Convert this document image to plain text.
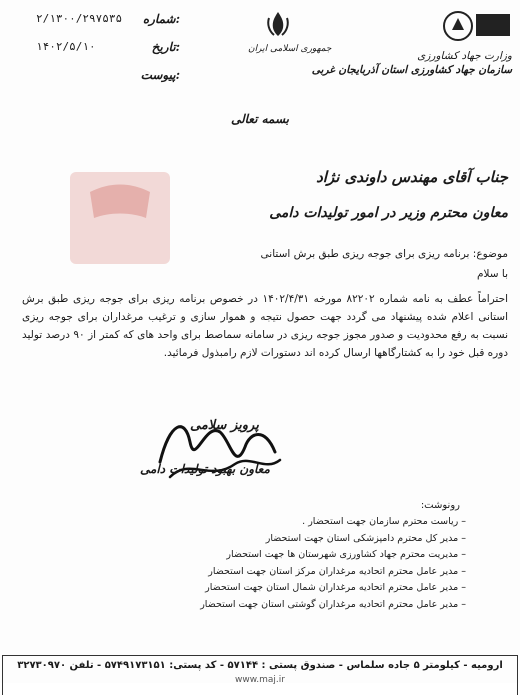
۲/۱۳۰۰/۲۹۷۵۳۵ شماره:
۱۴۰۲/۵/۱۰	تاریخ:
پیوست:
جمهوری اسلامی ایران
وزارت جهاد کشاورزی
سازمان جهاد کشاورزی استان آذربایجان غربی
بسمه تعالی
جناب آقای مهندس داوندی نژاد
معاون محترم وزیر در امور تولیدات دامی
موضوع: برنامه ریزی برای جوجه ریزی طبق برش استانی
با سلام
احتراماً عطف به نامه شماره ۸۲۲۰۲ مورخه ۱۴۰۲/۴/۳۱ در خصوص برنامه ریزی برای جوجه ریزی طبق برش استانی اعلام شده پیشنهاد می گردد جهت حصول نتیجه و هموار سازی و ترغیب مرغداران برای جوجه ریزی نسبت به رفع محدودیت و صدور مجوز جوجه ریزی در سامانه سماصط برای واحد های که کمتر از ۹۰ درصد تولید دوره قبل خود را به کشتارگاهها ارسال کرده اند دستورات لازم رامبذول فرمائید.
پرویز سلامی
معاون بهبود تولیدات دامی
رونوشت:
– ریاست محترم سازمان جهت استحضار .
– مدیر کل محترم دامپزشکی استان جهت استحضار
– مدیریت محترم جهاد کشاورزی شهرستان ها جهت استحضار
– مدیر عامل محترم اتحادیه مرغداران مرکز استان جهت استحضار
– مدیر عامل محترم اتحادیه مرغداران شمال استان جهت استحضار
– مدیر عامل محترم اتحادیه مرغداران گوشتی استان جهت استحضار
ارومیه - کیلومتر ۵ جاده سلماس - صندوق پستی : ۵۷۱۴۴ - کد پستی: ۵۷۴۹۱۷۳۱۵۱ - تلفن ۳۲۷۳۰۹۷۰
www.maj.ir
